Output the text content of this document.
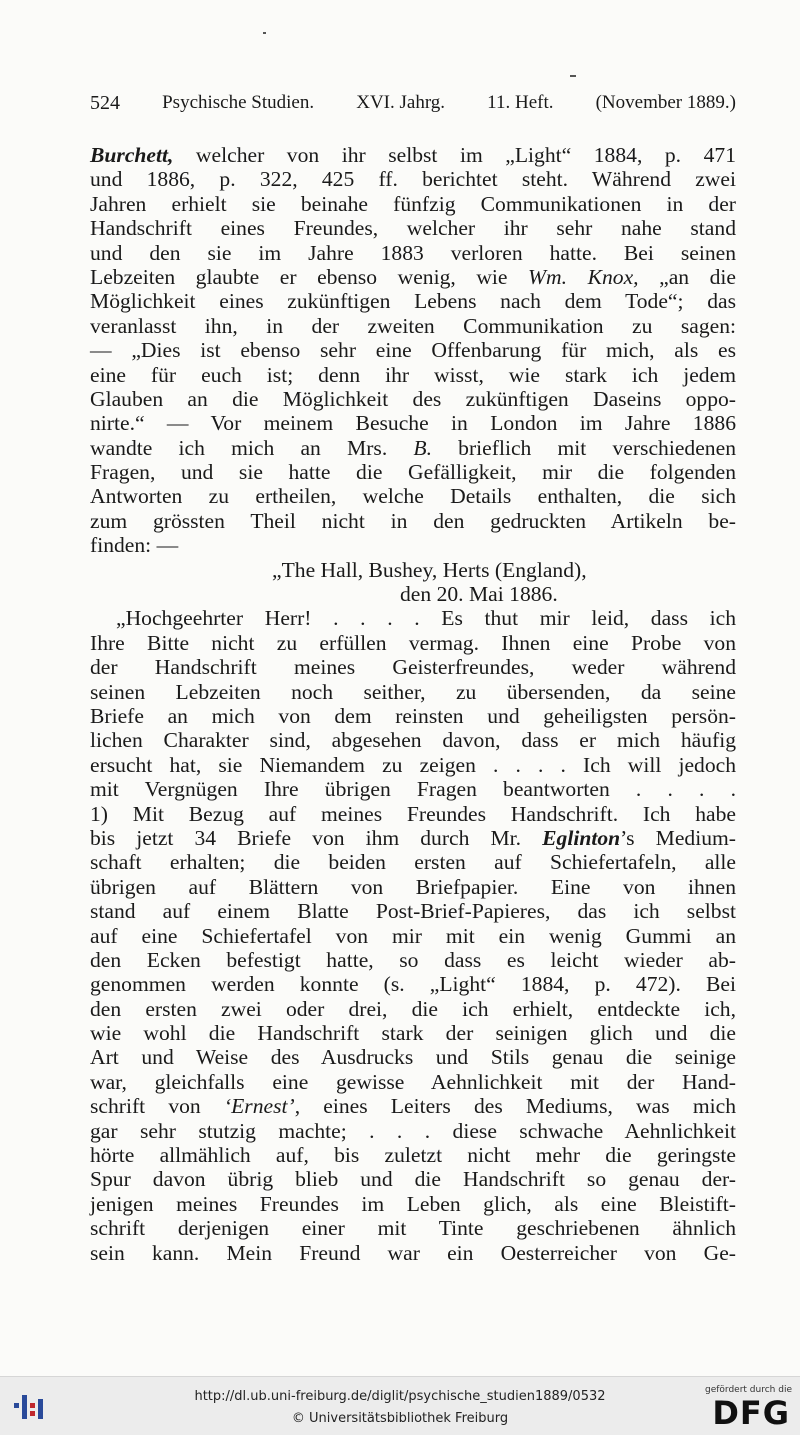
524 Psychische Studien. XVI. Jahrg. 11. Heft. (November 1889.)
Burchett, welcher von ihr selbst im „Light“ 1884, p. 471
und 1886, p. 322, 425 ff. berichtet steht. Während zwei
Jahren erhielt sie beinahe fünfzig Communikationen in der
Handschrift eines Freundes, welcher ihr sehr nahe stand
und den sie im Jahre 1883 verloren hatte. Bei seinen
Lebzeiten glaubte er ebenso wenig, wie Wm. Knox, „an die
Möglichkeit eines zukünftigen Lebens nach dem Tode“; das
veranlasst ihn, in der zweiten Communikation zu sagen:
— „Dies ist ebenso sehr eine Offenbarung für mich, als es
eine für euch ist; denn ihr wisst, wie stark ich jedem
Glauben an die Möglichkeit des zukünftigen Daseins oppo-
nirte.“ — Vor meinem Besuche in London im Jahre 1886
wandte ich mich an Mrs. B. brieflich mit verschiedenen
Fragen, und sie hatte die Gefälligkeit, mir die folgenden
Antworten zu ertheilen, welche Details enthalten, die sich
zum grössten Theil nicht in den gedruckten Artikeln be-
finden: —
„The Hall, Bushey, Herts (England),
den 20. Mai 1886.
„Hochgeehrter Herr! . . . . Es thut mir leid, dass ich
Ihre Bitte nicht zu erfüllen vermag. Ihnen eine Probe von
der Handschrift meines Geisterfreundes, weder während
seinen Lebzeiten noch seither, zu übersenden, da seine
Briefe an mich von dem reinsten und geheiligsten persön-
lichen Charakter sind, abgesehen davon, dass er mich häufig
ersucht hat, sie Niemandem zu zeigen . . . . Ich will jedoch
mit Vergnügen Ihre übrigen Fragen beantworten . . . .
1) Mit Bezug auf meines Freundes Handschrift. Ich habe
bis jetzt 34 Briefe von ihm durch Mr. Eglinton’s Medium-
schaft erhalten; die beiden ersten auf Schiefertafeln, alle
übrigen auf Blättern von Briefpapier. Eine von ihnen
stand auf einem Blatte Post-Brief-Papieres, das ich selbst
auf eine Schiefertafel von mir mit ein wenig Gummi an
den Ecken befestigt hatte, so dass es leicht wieder ab-
genommen werden konnte (s. „Light“ 1884, p. 472). Bei
den ersten zwei oder drei, die ich erhielt, entdeckte ich,
wie wohl die Handschrift stark der seinigen glich und die
Art und Weise des Ausdrucks und Stils genau die seinige
war, gleichfalls eine gewisse Aehnlichkeit mit der Hand-
schrift von ‘Ernest’, eines Leiters des Mediums, was mich
gar sehr stutzig machte; . . . diese schwache Aehnlichkeit
hörte allmählich auf, bis zuletzt nicht mehr die geringste
Spur davon übrig blieb und die Handschrift so genau der-
jenigen meines Freundes im Leben glich, als eine Bleistift-
schrift derjenigen einer mit Tinte geschriebenen ähnlich
sein kann. Mein Freund war ein Oesterreicher von Ge-
http://dl.ub.uni-freiburg.de/diglit/psychische_studien1889/0532
© Universitätsbibliothek Freiburg
gefördert durch die
DFG
